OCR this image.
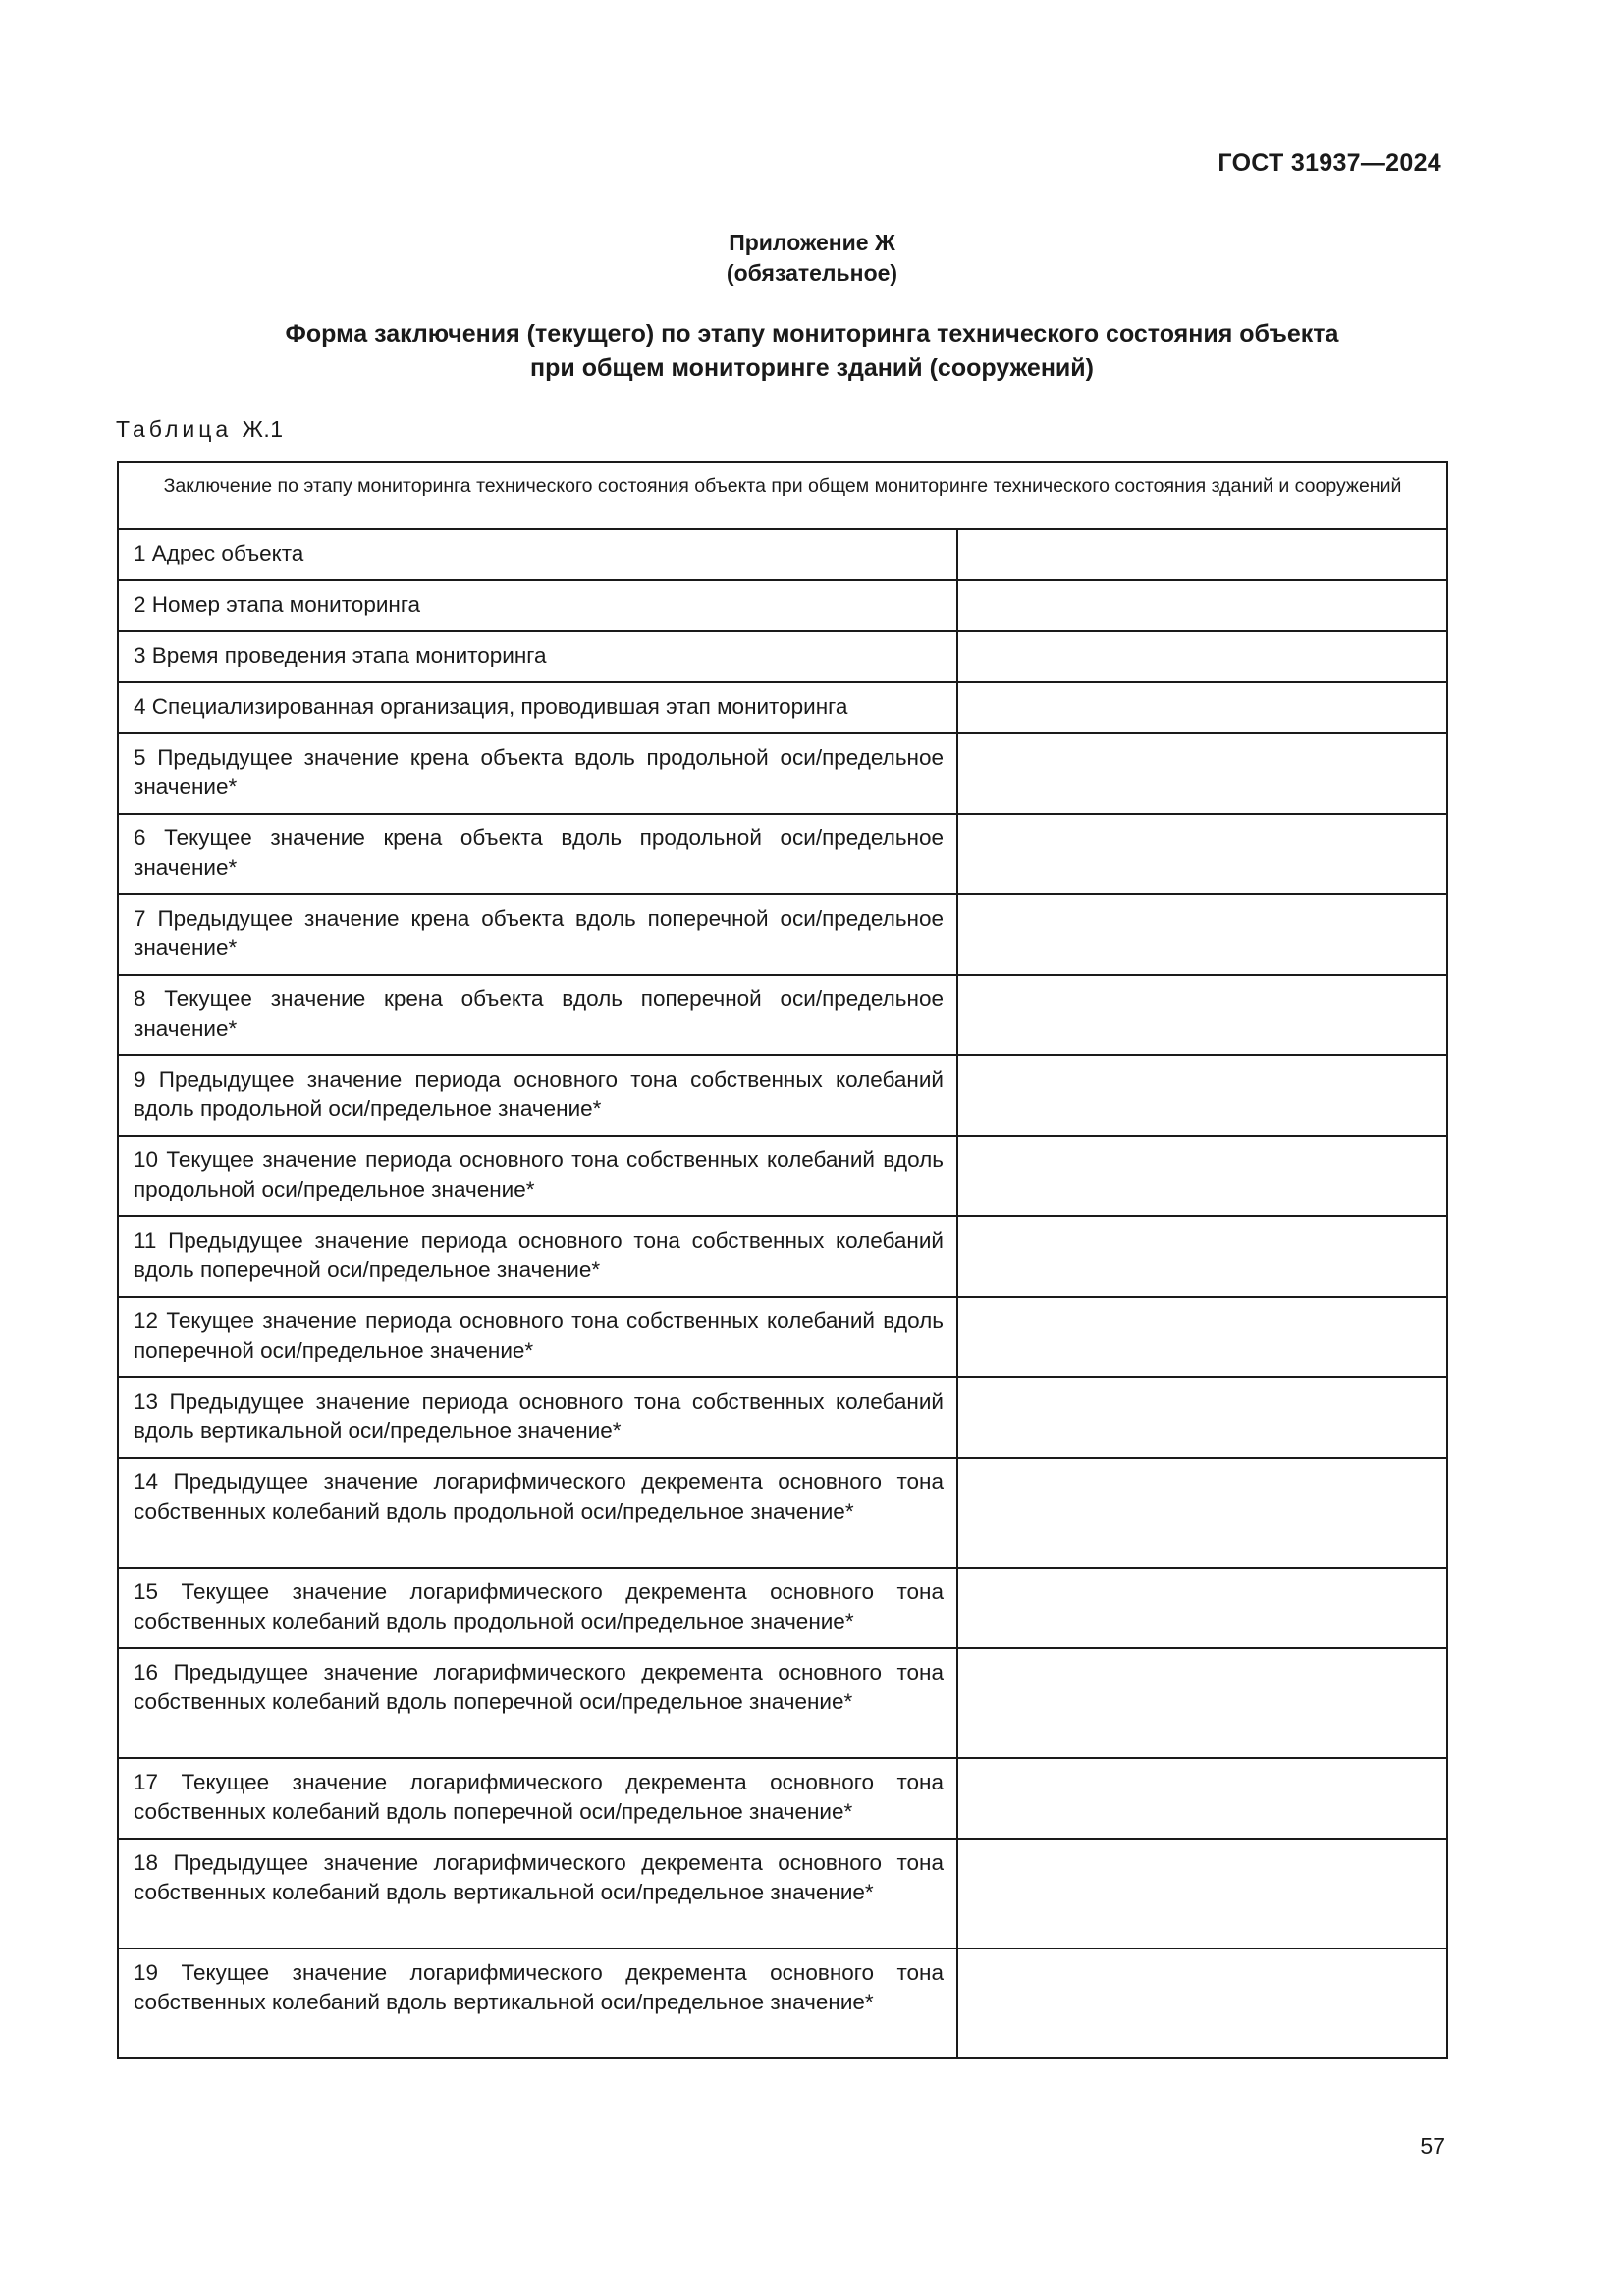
ГОСТ 31937—2024
Приложение Ж
(обязательное)
Форма заключения (текущего) по этапу мониторинга технического состояния объекта
при общем мониторинге зданий (сооружений)
Таблица Ж.1
Заключение по этапу мониторинга технического состояния объекта при общем мониторинге технического состояния зданий и сооружений	
1 Адрес объекта	
2 Номер этапа мониторинга	
3 Время проведения этапа мониторинга	
4 Специализированная организация, проводившая этап мониторинга	
5 Предыдущее значение крена объекта вдоль продольной оси/предельное значение*	
6 Текущее значение крена объекта вдоль продольной оси/предельное значение*	
7 Предыдущее значение крена объекта вдоль поперечной оси/предельное значение*	
8 Текущее значение крена объекта вдоль поперечной оси/предельное значение*	
9 Предыдущее значение периода основного тона собственных колебаний вдоль продольной оси/предельное значение*	
10 Текущее значение периода основного тона собственных колебаний вдоль продольной оси/предельное значение*	
11 Предыдущее значение периода основного тона собственных колебаний вдоль поперечной оси/предельное значение*	
12 Текущее значение периода основного тона собственных колебаний вдоль поперечной оси/предельное значение*	
13 Предыдущее значение периода основного тона собственных колебаний вдоль вертикальной оси/предельное значение*	
14 Предыдущее значение логарифмического декремента основного тона собственных колебаний вдоль продольной оси/предельное значение*	
15 Текущее значение логарифмического декремента основного тона собственных колебаний вдоль продольной оси/предельное значение*	
16 Предыдущее значение логарифмического декремента основного тона собственных колебаний вдоль поперечной оси/предельное значение*	
17 Текущее значение логарифмического декремента основного тона собственных колебаний вдоль поперечной оси/предельное значение*	
18 Предыдущее значение логарифмического декремента основного тона собственных колебаний вдоль вертикальной оси/предельное значение*	
19 Текущее значение логарифмического декремента основного тона собственных колебаний вдоль вертикальной оси/предельное значение*	
57
